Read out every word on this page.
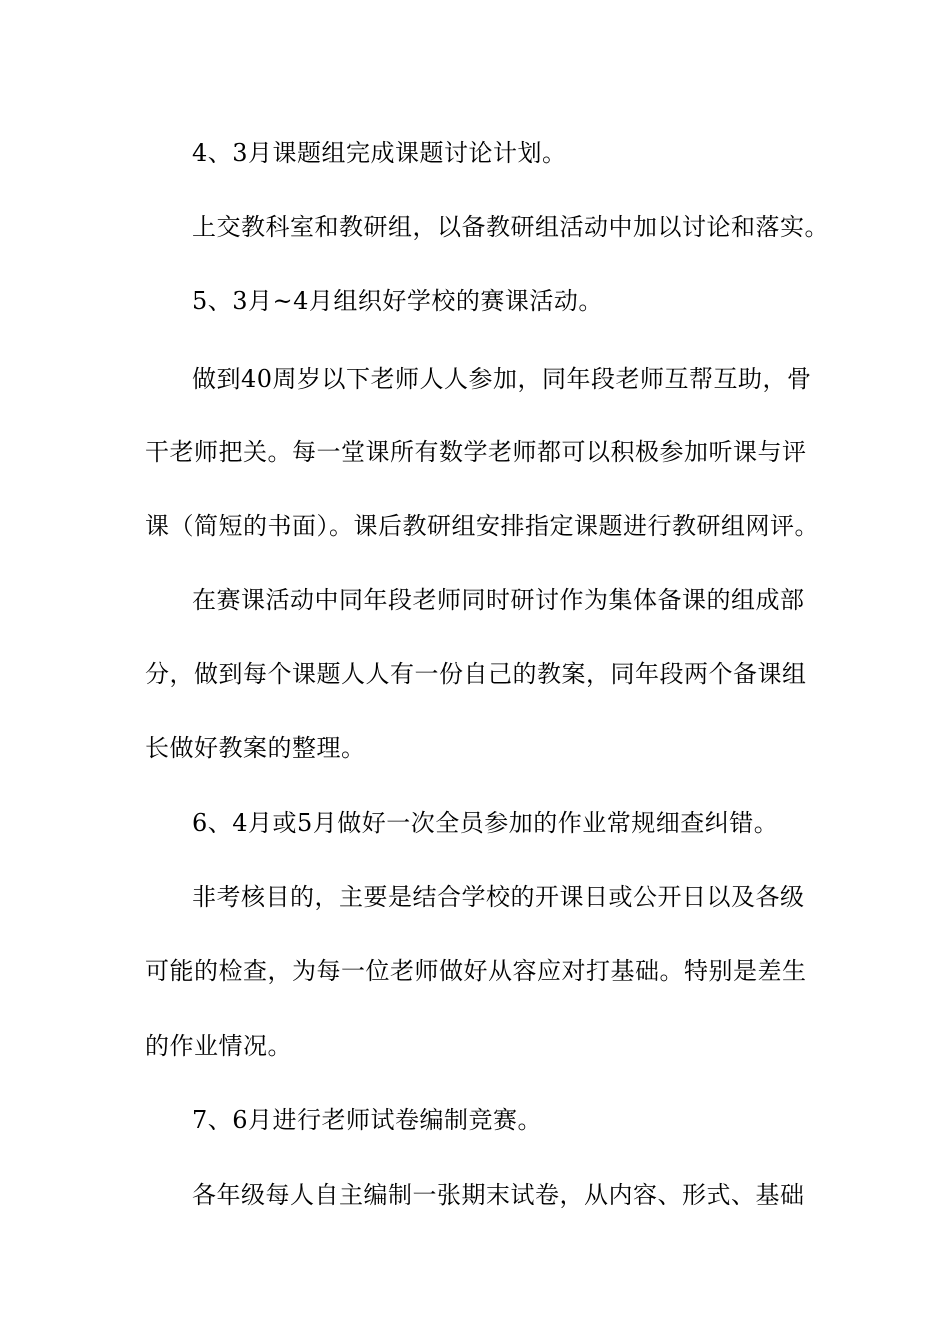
4、3月课题组完成课题讨论计划。
上交教科室和教研组，以备教研组活动中加以讨论和落实。
5、3月~4月组织好学校的赛课活动。
做到40周岁以下老师人人参加，同年段老师互帮互助，骨
干老师把关。每一堂课所有数学老师都可以积极参加听课与评
课（简短的书面）。课后教研组安排指定课题进行教研组网评。
在赛课活动中同年段老师同时研讨作为集体备课的组成部
分，做到每个课题人人有一份自己的教案，同年段两个备课组
长做好教案的整理。
6、4月或5月做好一次全员参加的作业常规细查纠错。
非考核目的，主要是结合学校的开课日或公开日以及各级
可能的检查，为每一位老师做好从容应对打基础。特别是差生
的作业情况。
7、6月进行老师试卷编制竞赛。
各年级每人自主编制一张期末试卷，从内容、形式、基础
